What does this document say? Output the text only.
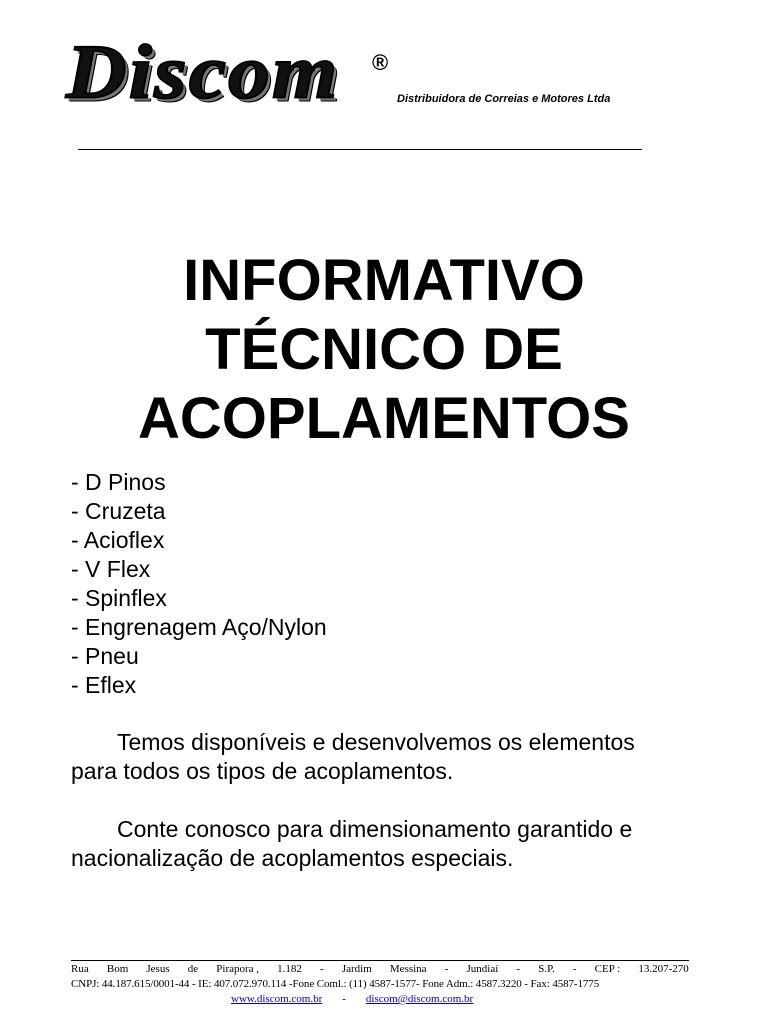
Discom ®
Distribuidora de Correias e Motores Ltda
INFORMATIVO
TÉCNICO DE
ACOPLAMENTOS
- D Pinos
- Cruzeta
- Acioflex
- V Flex
- Spinflex
- Engrenagem Aço/Nylon
- Pneu
- Eflex
Temos disponíveis e desenvolvemos os elementos
para todos os tipos de acoplamentos.
Conte conosco para dimensionamento garantido e
nacionalização de acoplamentos especiais.
Rua Bom Jesus de Pirapora , 1.182 - Jardim Messina - Jundiaí - S.P. - CEP : 13.207-270
CNPJ: 44.187.615/0001-44 - IE: 407.072.970.114 -Fone Coml.: (11) 4587-1577- Fone Adm.: 4587.3220 - Fax: 4587-1775
www.discom.com.br - discom@discom.com.br
